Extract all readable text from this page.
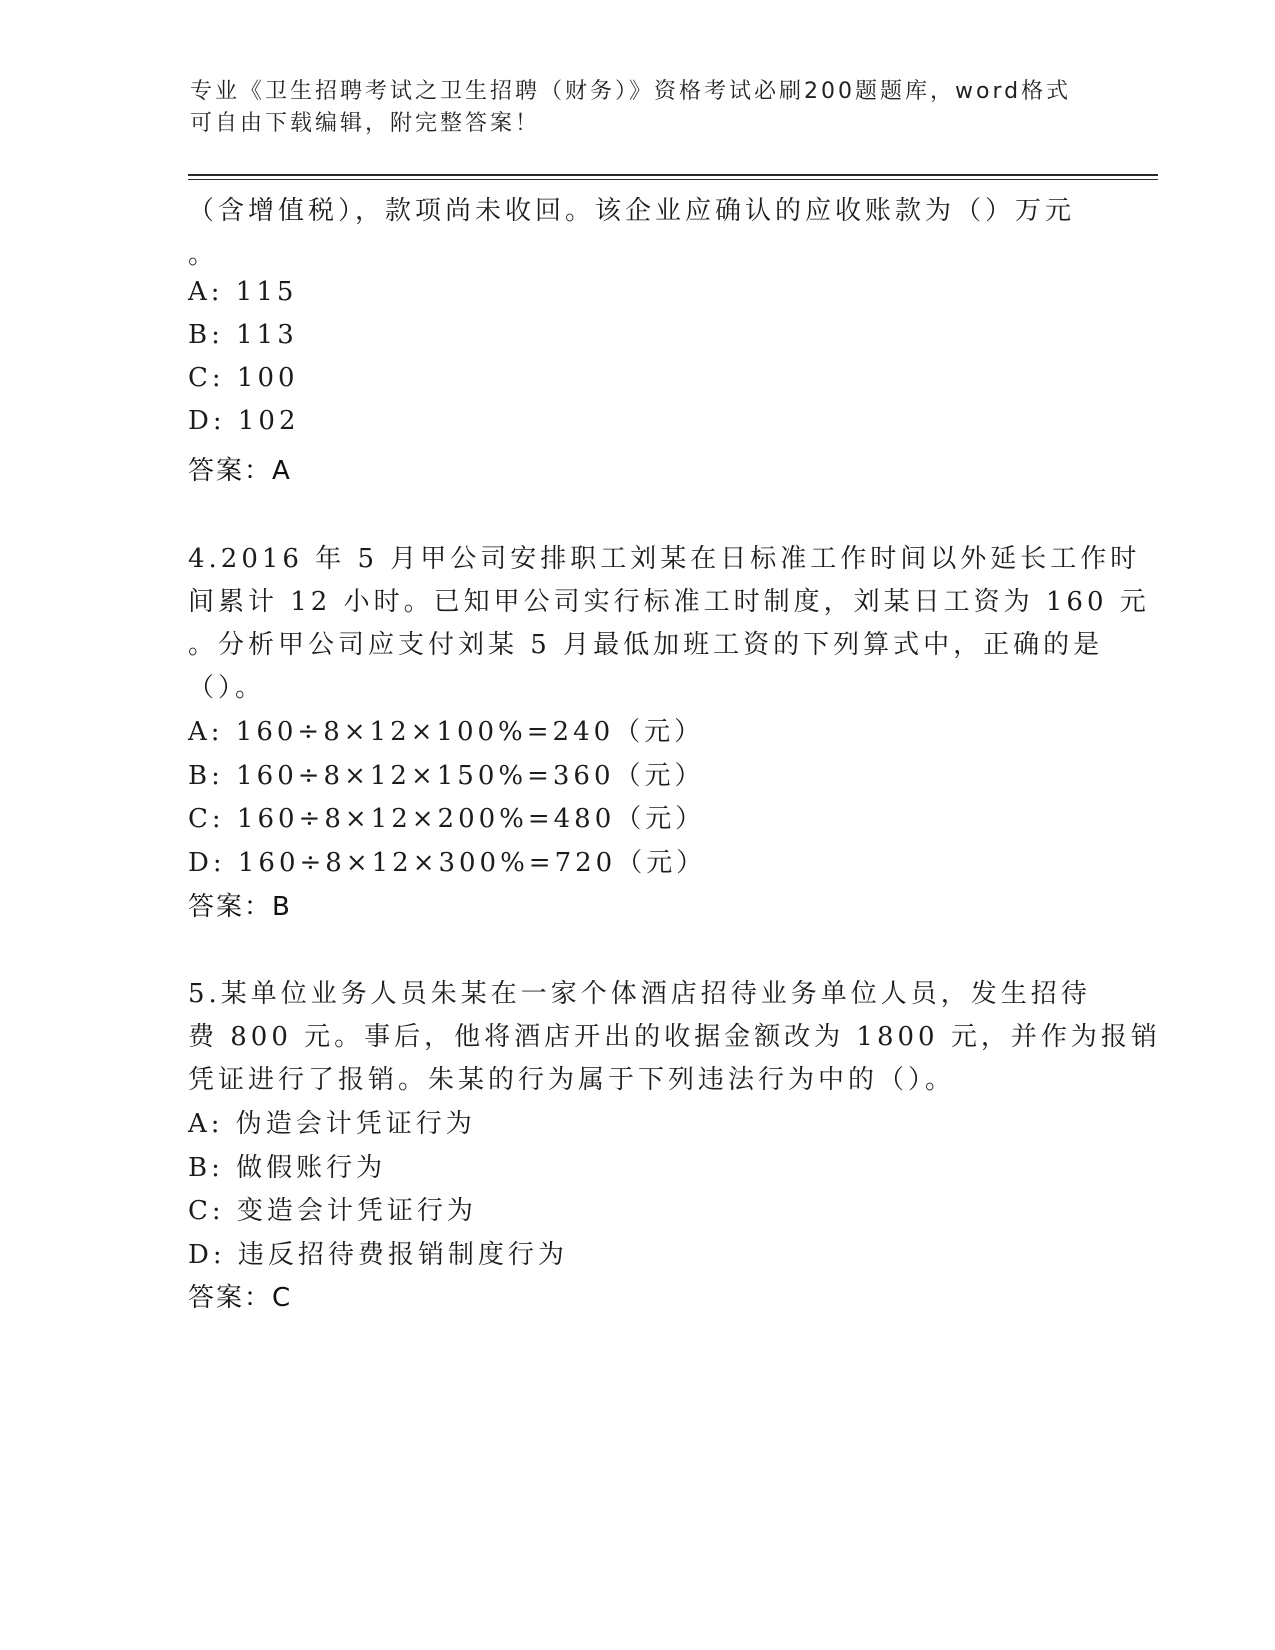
专业《卫生招聘考试之卫生招聘（财务）》资格考试必刷200题题库，word格式
可自由下载编辑，附完整答案！
（含增值税），款项尚未收回。该企业应确认的应收账款为（）万元
。
A: 115
B: 113
C: 100
D: 102
答案：A
4.2016 年 5 月甲公司安排职工刘某在日标准工作时间以外延长工作时
间累计 12 小时。已知甲公司实行标准工时制度，刘某日工资为 160 元
。分析甲公司应支付刘某 5 月最低加班工资的下列算式中，正确的是
（）。
A: 160÷8×12×100%=240（元）
B: 160÷8×12×150%=360（元）
C: 160÷8×12×200%=480（元）
D: 160÷8×12×300%=720（元）
答案：B
5.某单位业务人员朱某在一家个体酒店招待业务单位人员，发生招待
费 800 元。事后，他将酒店开出的收据金额改为 1800 元，并作为报销
凭证进行了报销。朱某的行为属于下列违法行为中的（）。
A: 伪造会计凭证行为
B: 做假账行为
C: 变造会计凭证行为
D: 违反招待费报销制度行为
答案：C
